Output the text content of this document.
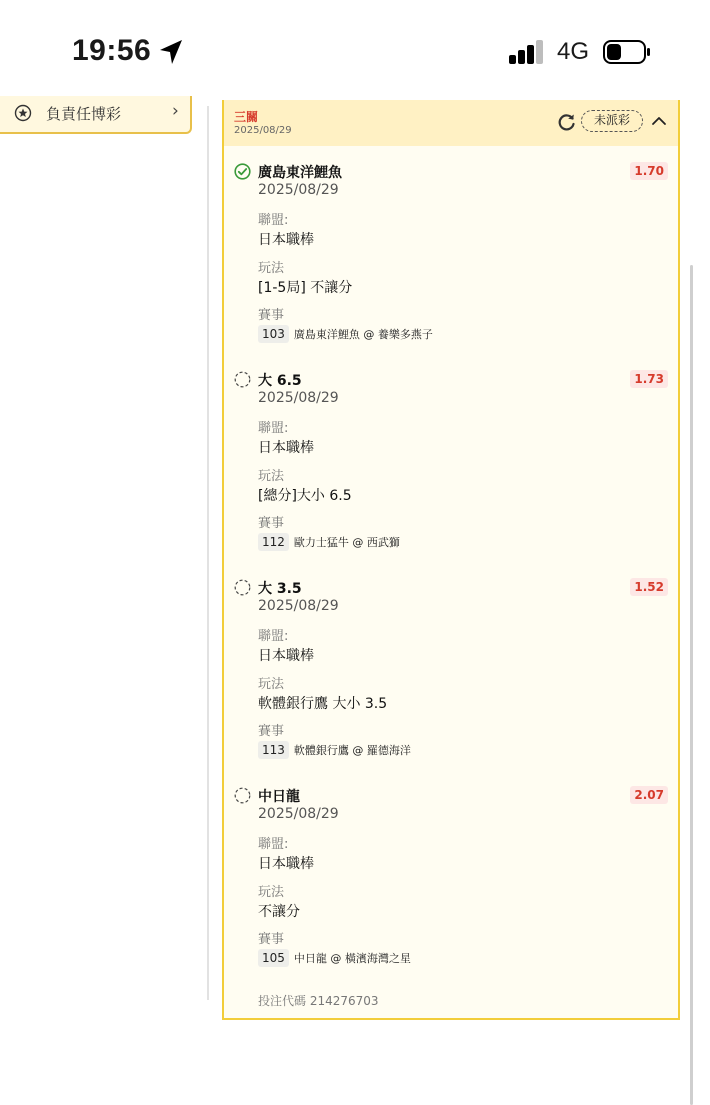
19:56	4G
負責任博彩	›	三關
2025/08/29
未派彩
廣島東洋鯉魚	1.70
2025/08/29
聯盟:
日本職棒
玩法
[1-5局] 不讓分
賽事
103 廣島東洋鯉魚 @ 養樂多燕子
大 6.5	1.73
2025/08/29
聯盟:
日本職棒
玩法
[總分]大小 6.5
賽事
112 歐力士猛牛 @ 西武獅
大 3.5	1.52
2025/08/29
聯盟:
日本職棒
玩法
軟體銀行鷹 大小 3.5
賽事
113 軟體銀行鷹 @ 羅德海洋
中日龍	2.07
2025/08/29
聯盟:
日本職棒
玩法
不讓分
賽事
105 中日龍 @ 橫濱海灣之星
投注代碼 214276703
